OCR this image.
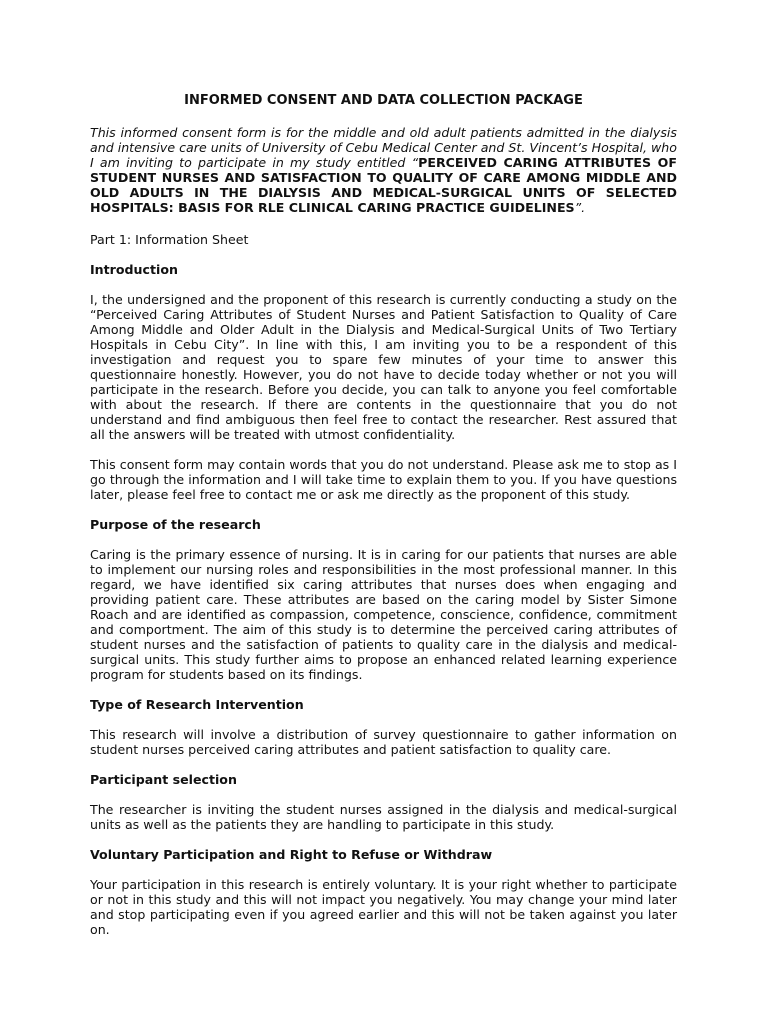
INFORMED CONSENT AND DATA COLLECTION PACKAGE

This informed consent form is for the middle and old adult patients admitted in the dialysis and intensive care units of University of Cebu Medical Center and St. Vincent’s Hospital, who I am inviting to participate in my study entitled “PERCEIVED CARING ATTRIBUTES OF STUDENT NURSES AND SATISFACTION TO QUALITY OF CARE AMONG MIDDLE AND OLD ADULTS IN THE DIALYSIS AND MEDICAL-SURGICAL UNITS OF SELECTED HOSPITALS: BASIS FOR RLE CLINICAL CARING PRACTICE GUIDELINES”.

Part 1: Information Sheet

Introduction

I, the undersigned and the proponent of this research is currently conducting a study on the “Perceived Caring Attributes of Student Nurses and Patient Satisfaction to Quality of Care Among Middle and Older Adult in the Dialysis and Medical-Surgical Units of Two Tertiary Hospitals in Cebu City”. In line with this, I am inviting you to be a respondent of this investigation and request you to spare few minutes of your time to answer this questionnaire honestly. However, you do not have to decide today whether or not you will participate in the research. Before you decide, you can talk to anyone you feel comfortable with about the research. If there are contents in the questionnaire that you do not understand and find ambiguous then feel free to contact the researcher. Rest assured that all the answers will be treated with utmost confidentiality.

This consent form may contain words that you do not understand. Please ask me to stop as I go through the information and I will take time to explain them to you. If you have questions later, please feel free to contact me or ask me directly as the proponent of this study.

Purpose of the research

Caring is the primary essence of nursing. It is in caring for our patients that nurses are able to implement our nursing roles and responsibilities in the most professional manner. In this regard, we have identified six caring attributes that nurses does when engaging and providing patient care. These attributes are based on the caring model by Sister Simone Roach and are identified as compassion, competence, conscience, confidence, commitment and comportment. The aim of this study is to determine the perceived caring attributes of student nurses and the satisfaction of patients to quality care in the dialysis and medical-surgical units. This study further aims to propose an enhanced related learning experience program for students based on its findings.

Type of Research Intervention

This research will involve a distribution of survey questionnaire to gather information on student nurses perceived caring attributes and patient satisfaction to quality care.

Participant selection

The researcher is inviting the student nurses assigned in the dialysis and medical-surgical units as well as the patients they are handling to participate in this study.

Voluntary Participation and Right to Refuse or Withdraw

Your participation in this research is entirely voluntary. It is your right whether to participate or not in this study and this will not impact you negatively. You may change your mind later and stop participating even if you agreed earlier and this will not be taken against you later on.
